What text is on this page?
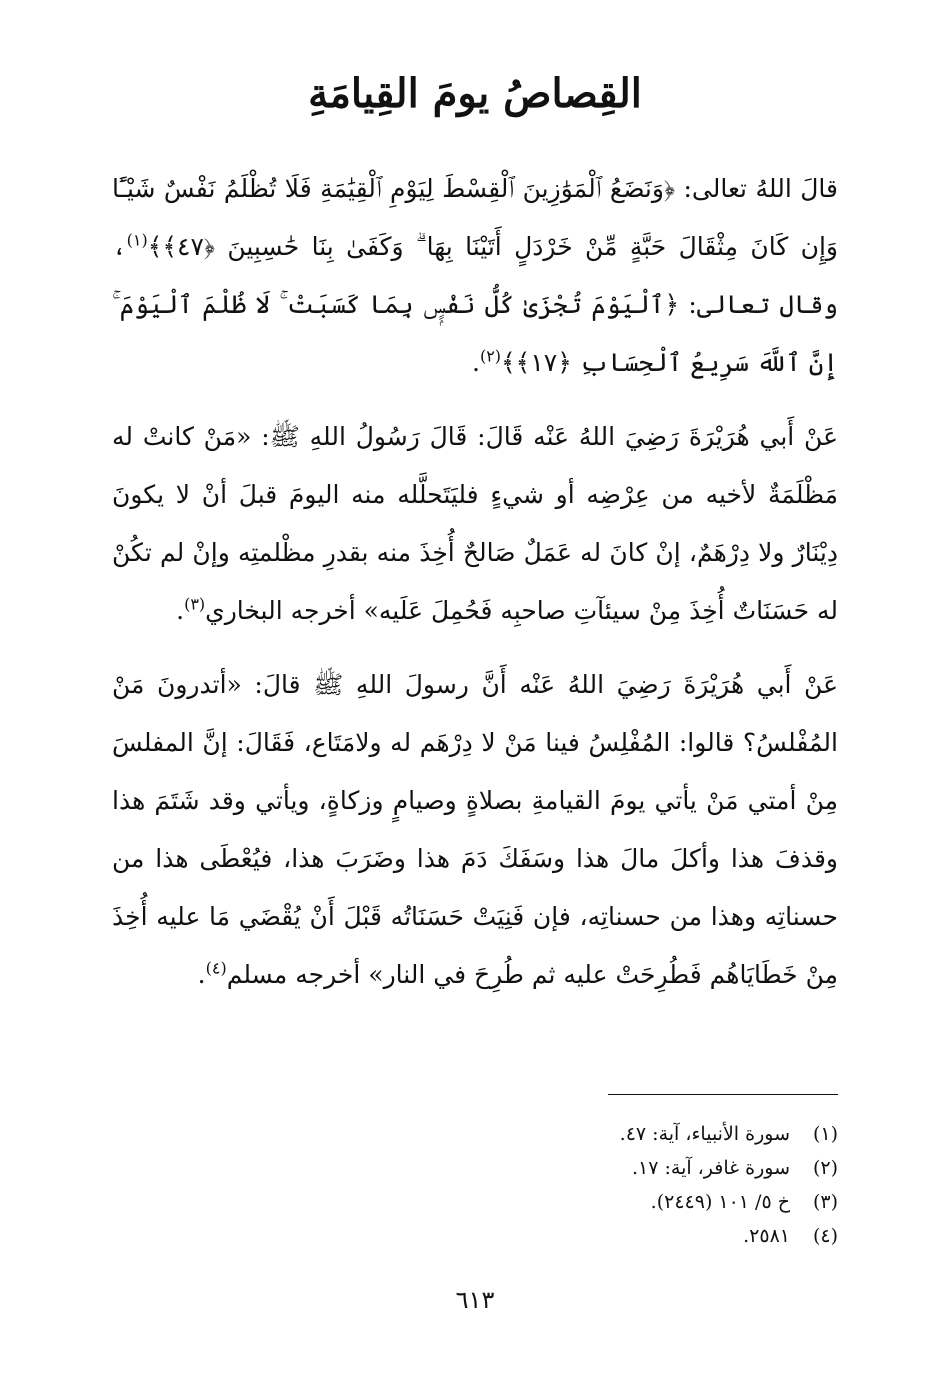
القِصاصُ يومَ القِيامَةِ
قالَ اللهُ تعالى: ﴿وَنَضَعُ ٱلْمَوَٰزِينَ ٱلْقِسْطَ لِيَوْمِ ٱلْقِيَٰمَةِ فَلَا تُظْلَمُ نَفْسٌ شَيْـًٔا وَإِن كَانَ مِثْقَالَ حَبَّةٍ مِّنْ خَرْدَلٍ أَتَيْنَا بِهَا ۗ وَكَفَىٰ بِنَا حَٰسِبِينَ ﴿٤٧﴾﴾$^{(١)}$، وقال تعالى: ﴿ٱلْيَوْمَ تُجْزَىٰ كُلُّ نَفْسٍۭ بِمَا كَسَبَتْ ۚ لَا ظُلْمَ ٱلْيَوْمَ ۚ إِنَّ ٱللَّهَ سَرِيعُ ٱلْحِسَابِ ﴿١٧﴾﴾$^{(٢)}$.
عَنْ أَبي هُرَيْرَةَ رَضِيَ اللهُ عَنْه قَالَ: قَالَ رَسُولُ اللهِ ﷺ: «مَنْ كانتْ له مَظْلَمَةٌ لأخيه من عِرْضِه أو شيءٍ فليَتَحلَّله منه اليومَ قبلَ أنْ لا يكونَ دِيْنَارٌ ولا دِرْهَمٌ، إنْ كانَ له عَمَلٌ صَالحٌ أُخِذَ منه بقدرِ مظْلمتِه وإنْ لم تكُنْ له حَسَنَاتٌ أُخِذَ مِنْ سيئآتِ صاحبِه فَحُمِلَ عَلَيه» أخرجه البخاري$^{(٣)}$.
عَنْ أَبي هُرَيْرَةَ رَضِيَ اللهُ عَنْه أَنَّ رسولَ اللهِ ﷺ قالَ: «أتدرونَ مَنْ المُفْلسُ؟ قالوا: المُفْلِسُ فينا مَنْ لا دِرْهَم له ولامَتَاع، فَقَالَ: إنَّ المفلسَ مِنْ أمتي مَنْ يأتي يومَ القيامةِ بصلاةٍ وصيامٍ وزكاةٍ، ويأتي وقد شَتَمَ هذا وقذفَ هذا وأكلَ مالَ هذا وسَفَكَ دَمَ هذا وضَرَبَ هذا، فيُعْطَى هذا من حسناتِه وهذا من حسناتِه، فإن فَنِيَتْ حَسَنَاتُه قَبْلَ أَنْ يُقْضَي مَا عليه أُخِذَ مِنْ خَطَايَاهُم فَطُرِحَتْ عليه ثم طُرِحَ في النار» أخرجه مسلم$^{(٤)}$.
(١)
سورة الأنبياء، آية: ٤٧.
(٢)
سورة غافر، آية: ١٧.
(٣)
خ ٥/ ١٠١ (٢٤٤٩).
(٤)
٢٥٨١.
٦١٣
